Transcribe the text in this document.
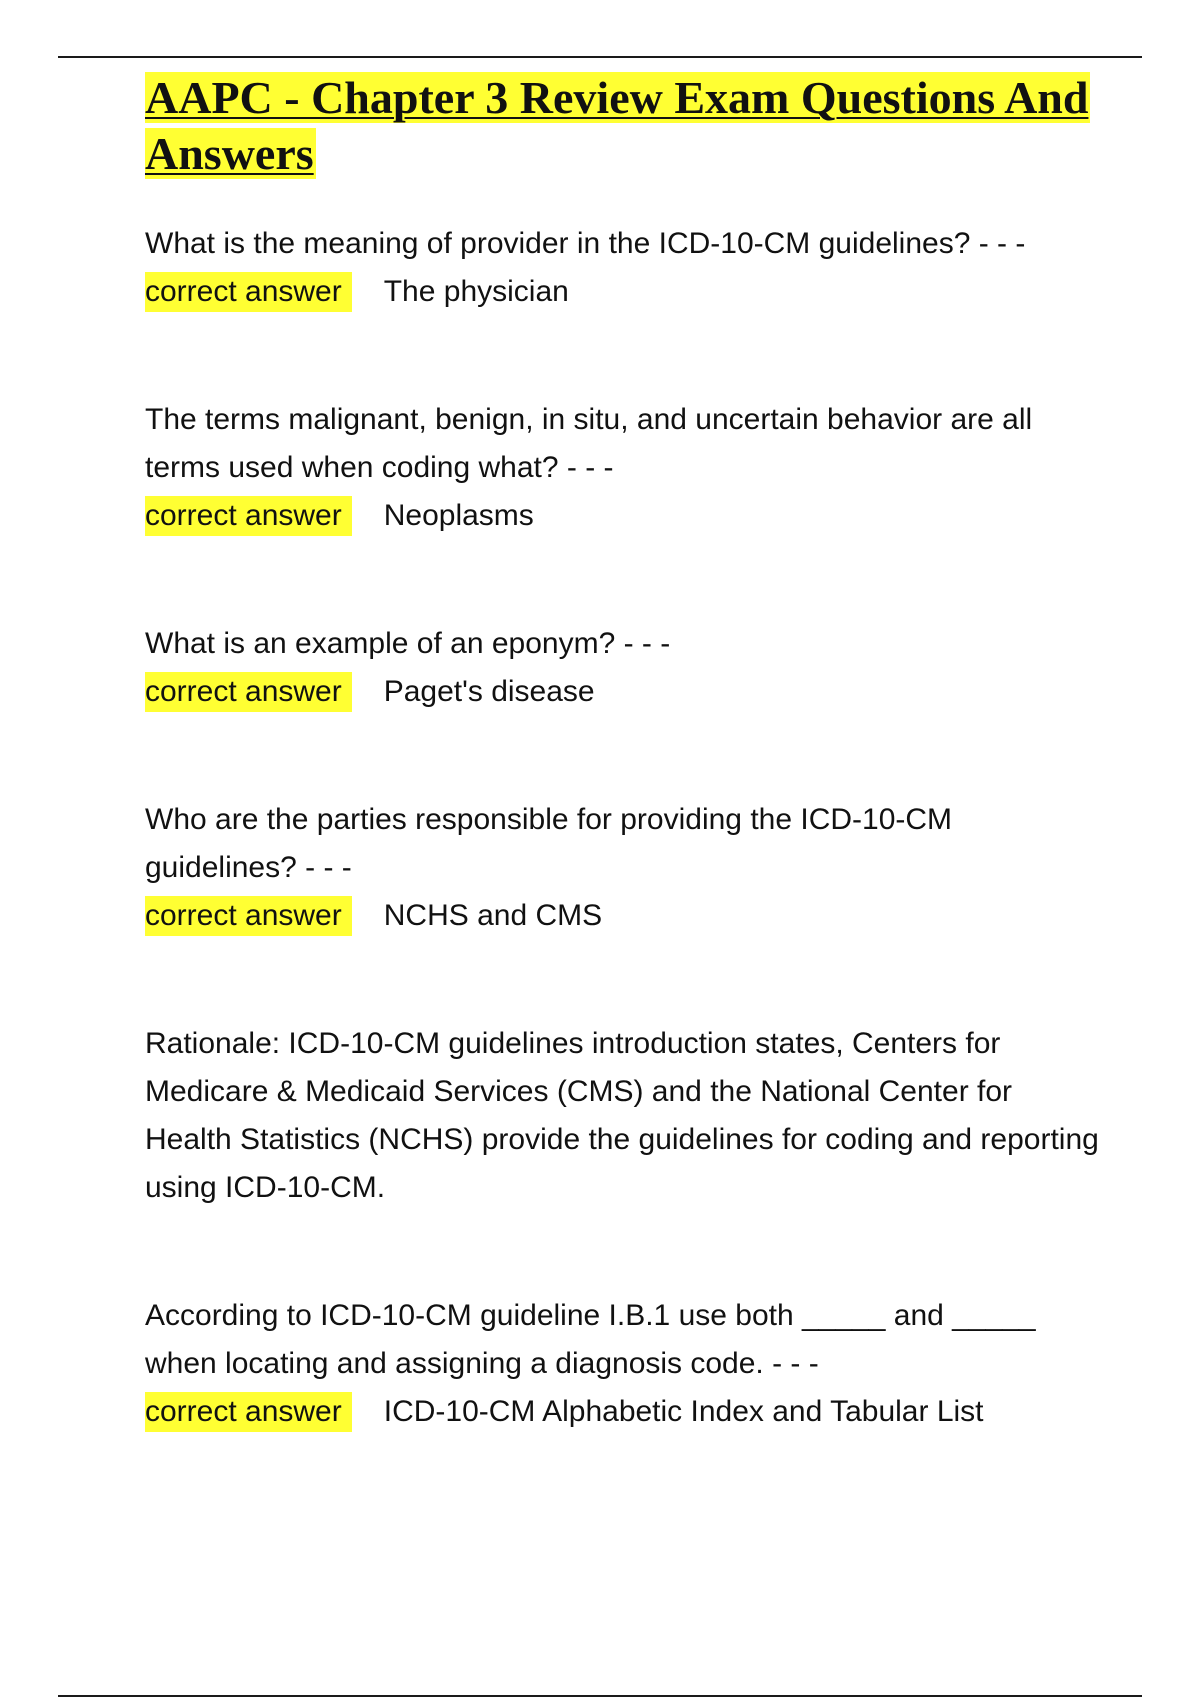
AAPC - Chapter 3 Review Exam Questions And Answers
What is the meaning of provider in the ICD-10-CM guidelines? - - -
correct answer The physician
The terms malignant, benign, in situ, and uncertain behavior are all terms used when coding what? - - -
correct answer Neoplasms
What is an example of an eponym? - - -
correct answer Paget's disease
Who are the parties responsible for providing the ICD-10-CM guidelines? - - -
correct answer NCHS and CMS
Rationale: ICD-10-CM guidelines introduction states, Centers for Medicare & Medicaid Services (CMS) and the National Center for Health Statistics (NCHS) provide the guidelines for coding and reporting using ICD-10-CM.
According to ICD-10-CM guideline I.B.1 use both _____ and _____ when locating and assigning a diagnosis code. - - -
correct answer ICD-10-CM Alphabetic Index and Tabular List
